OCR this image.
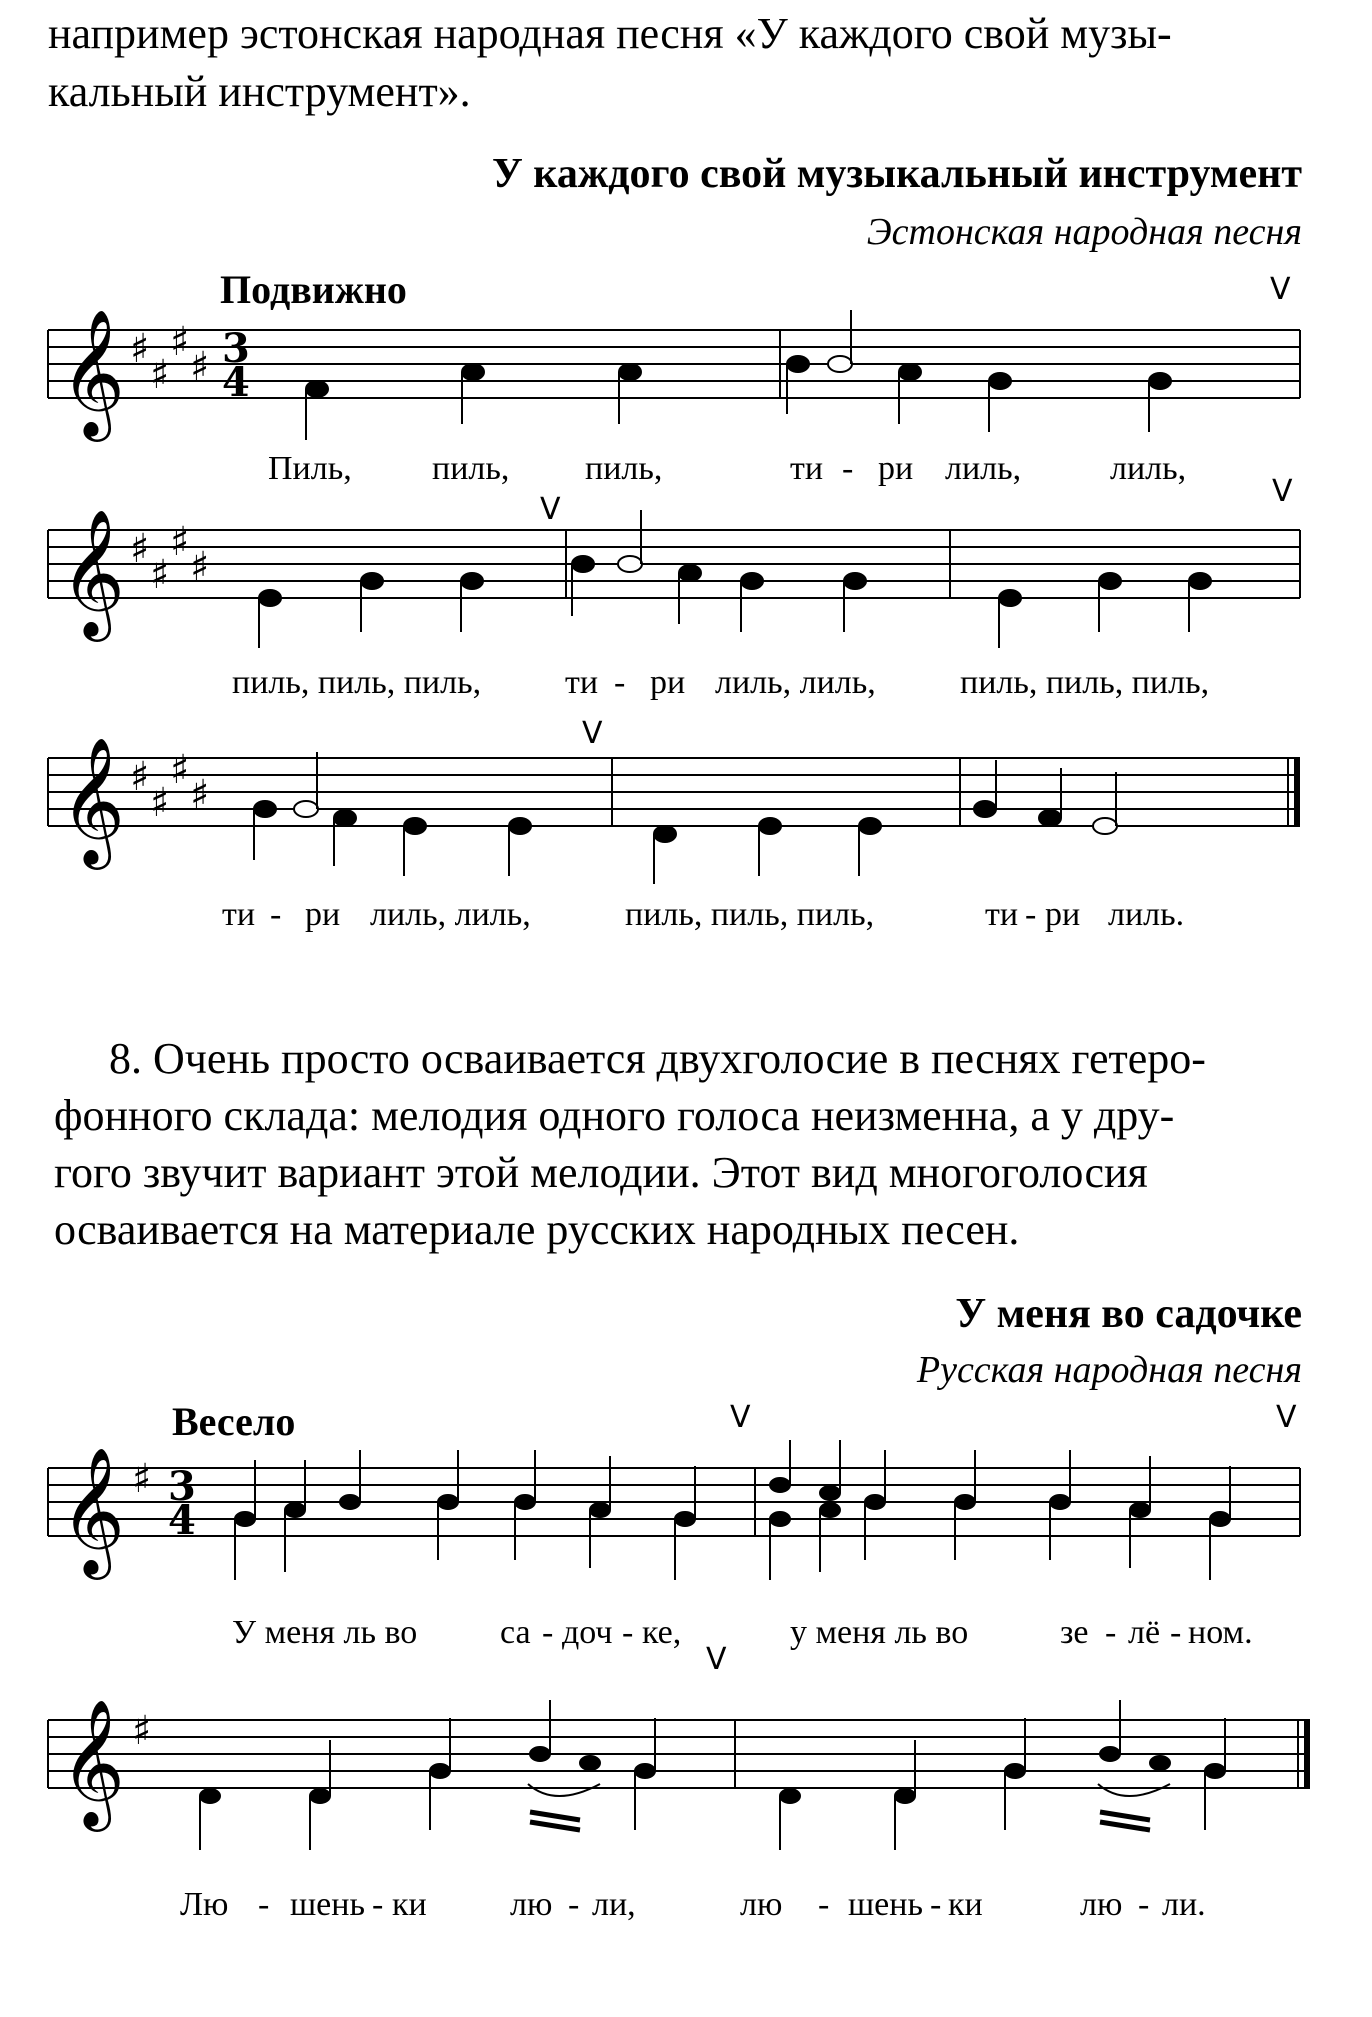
например эстонская народная песня «У каждого свой музы-
кальный инструмент».
У каждого свой музыкальный инструмент
Эстонская народная песня
Подвижно
𝄞 ♯
♯
♯
♯ 3
4
V
Пиль, пиль, пиль,	ти - ри лиль,	лиль,
𝄞 ♯
♯
♯
♯
V
V
пиль, пиль, пиль, ти - ри лиль, лиль, пиль, пиль, пиль,
𝄞 ♯
♯
♯
♯
V
ти - ри лиль, лиль,	пиль, пиль, пиль,	ти - ри лиль.
8. Очень просто осваивается двухголосие в песнях гетеро-
фонного склада: мелодия одного голоса неизменна, а у дру-
гого звучит вариант этой мелодии. Этот вид многоголосия
осваивается на материале русских народных песен.
У меня во садочке
Русская народная песня
Весело
𝄞 ♯ 3
4
V	V
У меня ль во са - доч - ке,	у меня ль во	зе - лё - ном.
𝄞 ♯
V
Лю - шень - ки лю - ли,	лю - шень - ки	лю - ли.
